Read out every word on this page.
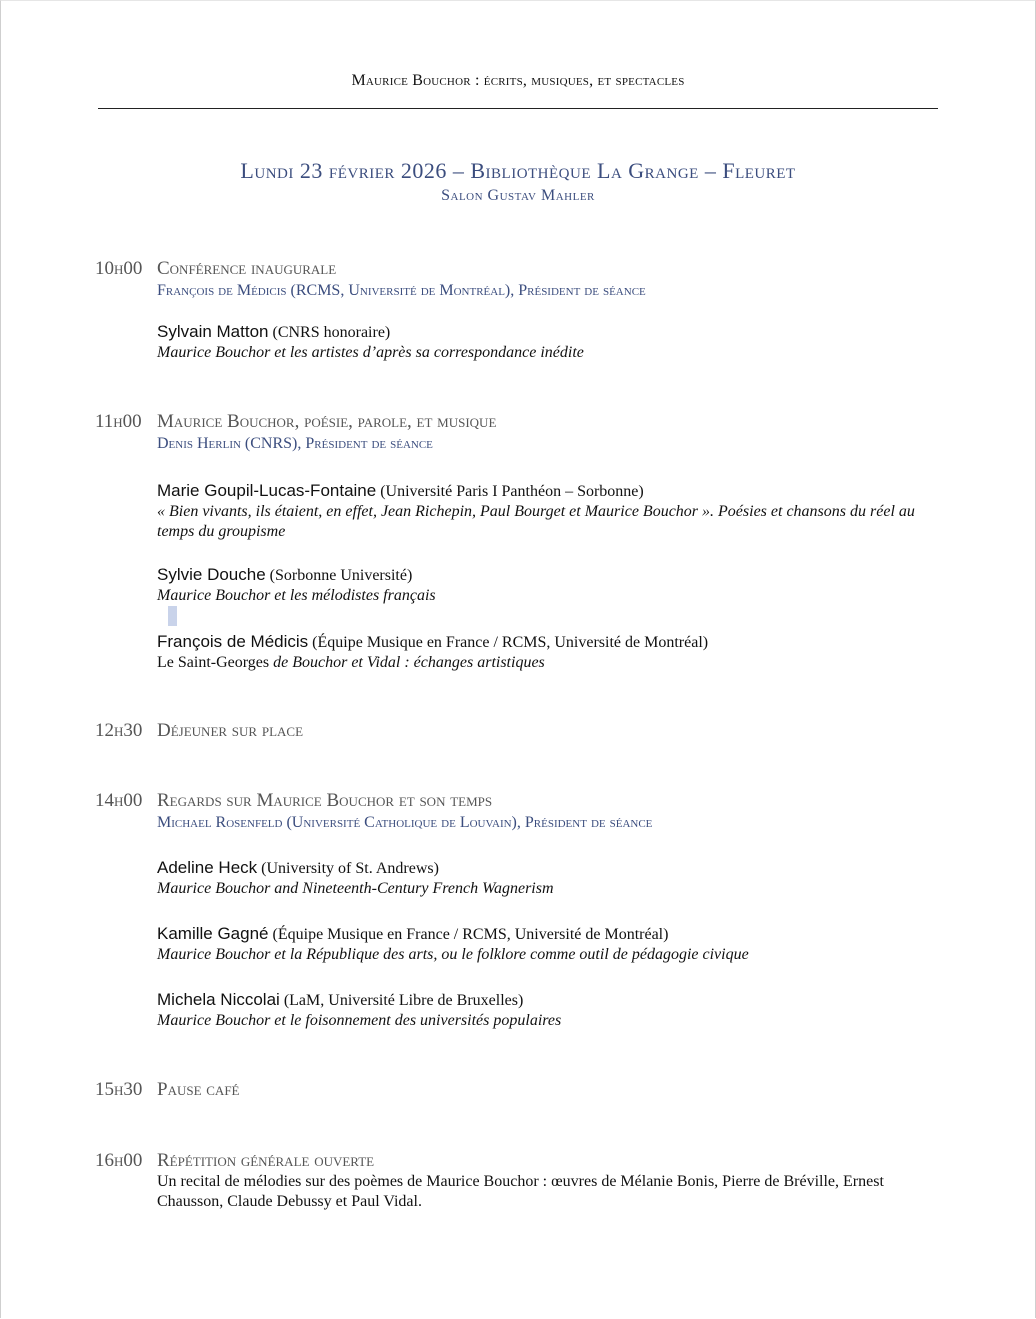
Maurice Bouchor : écrits, musiques, et spectacles
Lundi 23 février 2026 – Bibliothèque La Grange – Fleuret
Salon Gustav Mahler
10h00 Conférence inaugurale
François de Médicis (RCMS, Université de Montréal), Président de séance
Sylvain Matton (CNRS honoraire)
Maurice Bouchor et les artistes d’après sa correspondance inédite
11h00 Maurice Bouchor, poésie, parole, et musique
Denis Herlin (CNRS), Président de séance
Marie Goupil-Lucas-Fontaine (Université Paris I Panthéon – Sorbonne)
« Bien vivants, ils étaient, en effet, Jean Richepin, Paul Bourget et Maurice Bouchor ». Poésies et chansons du réel au temps du groupisme
Sylvie Douche (Sorbonne Université)
Maurice Bouchor et les mélodistes français
François de Médicis (Équipe Musique en France / RCMS, Université de Montréal)
Le Saint-Georges de Bouchor et Vidal : échanges artistiques
12h30 Déjeuner sur place
14h00 Regards sur Maurice Bouchor et son temps
Michael Rosenfeld (Université Catholique de Louvain), Président de séance
Adeline Heck (University of St. Andrews)
Maurice Bouchor and Nineteenth-Century French Wagnerism
Kamille Gagné (Équipe Musique en France / RCMS, Université de Montréal)
Maurice Bouchor et la République des arts, ou le folklore comme outil de pédagogie civique
Michela Niccolai (LaM, Université Libre de Bruxelles)
Maurice Bouchor et le foisonnement des universités populaires
15h30 Pause café
16h00 Répétition générale ouverte
Un recital de mélodies sur des poèmes de Maurice Bouchor : œuvres de Mélanie Bonis, Pierre de Bréville, Ernest Chausson, Claude Debussy et Paul Vidal.
